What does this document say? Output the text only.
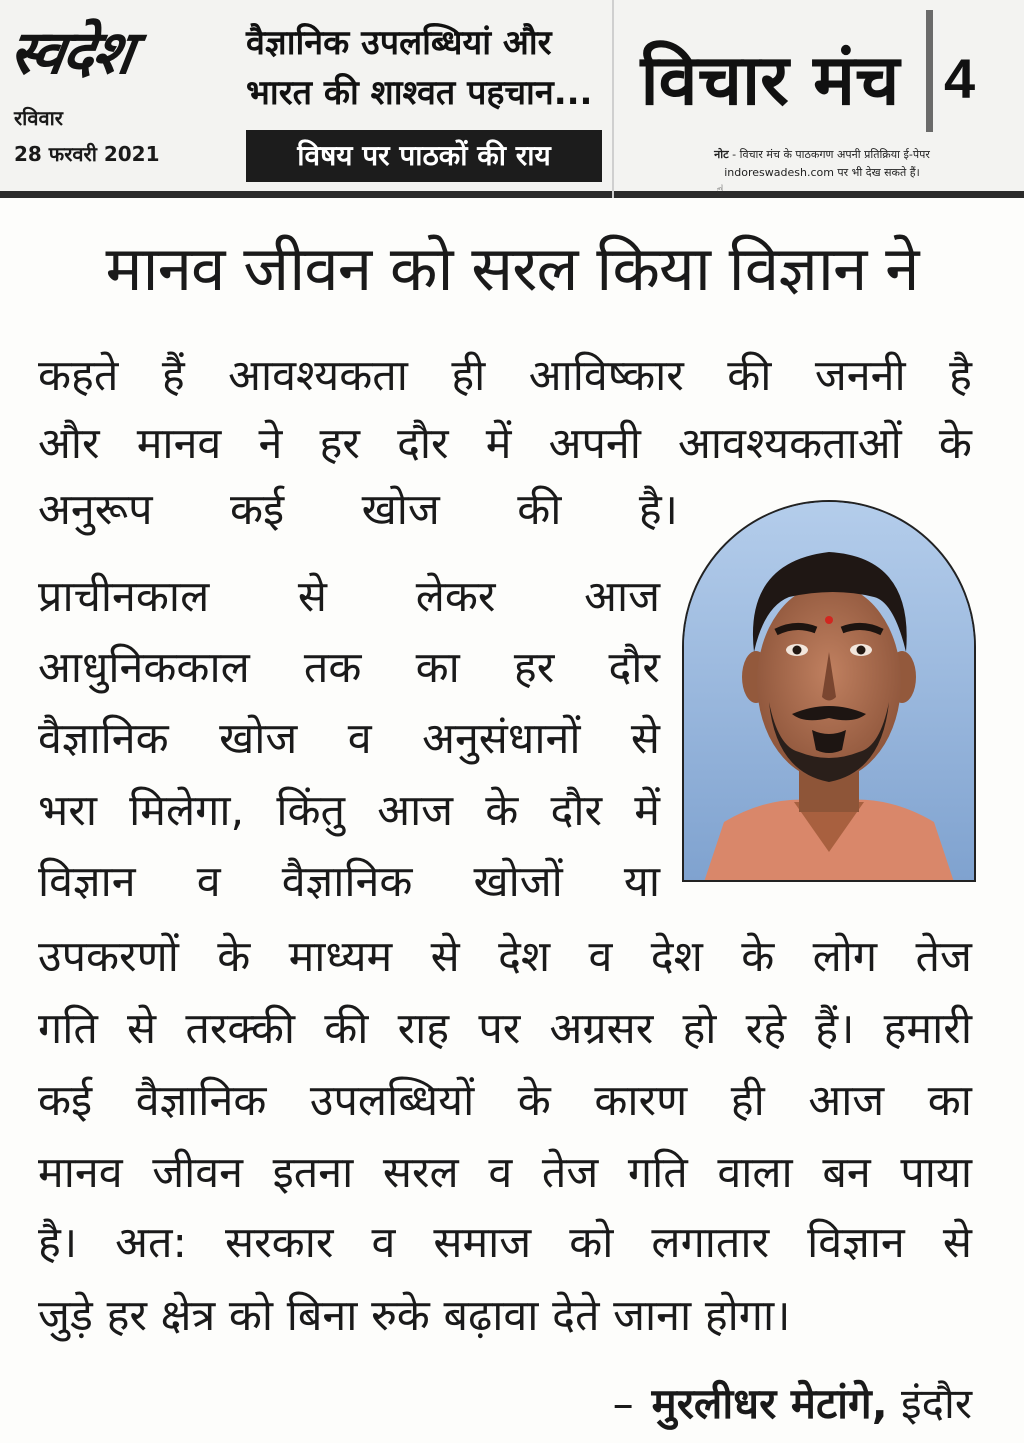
स्वदेश
रविवार
28 फरवरी 2021
वैज्ञानिक उपलब्धियां और
भारत की शाश्वत पहचान...
विषय पर पाठकों की राय
विचार मंच 4
नोट - विचार मंच के पाठकगण अपनी प्रतिक्रिया ई-पेपर
indoreswadesh.com पर भी देख सकते हैं।
☝
मानव जीवन को सरल किया विज्ञान ने
कहते हैं आवश्यकता ही आविष्कार की जननी है
और मानव ने हर दौर में अपनी आवश्यकताओं के
अनुरूप कई खोज की है।
प्राचीनकाल से लेकर आज
आधुनिककाल तक का हर दौर
वैज्ञानिक खोज व अनुसंधानों से
भरा मिलेगा, किंतु आज के दौर में
विज्ञान व वैज्ञानिक खोजों या
उपकरणों के माध्यम से देश व देश के लोग तेज
गति से तरक्की की राह पर अग्रसर हो रहे हैं। हमारी
कई वैज्ञानिक उपलब्धियों के कारण ही आज का
मानव जीवन इतना सरल व तेज गति वाला बन पाया
है। अत: सरकार व समाज को लगातार विज्ञान से
जुड़े हर क्षेत्र को बिना रुके बढ़ावा देते जाना होगा।
– मुरलीधर मेटांगे, इंदौर
